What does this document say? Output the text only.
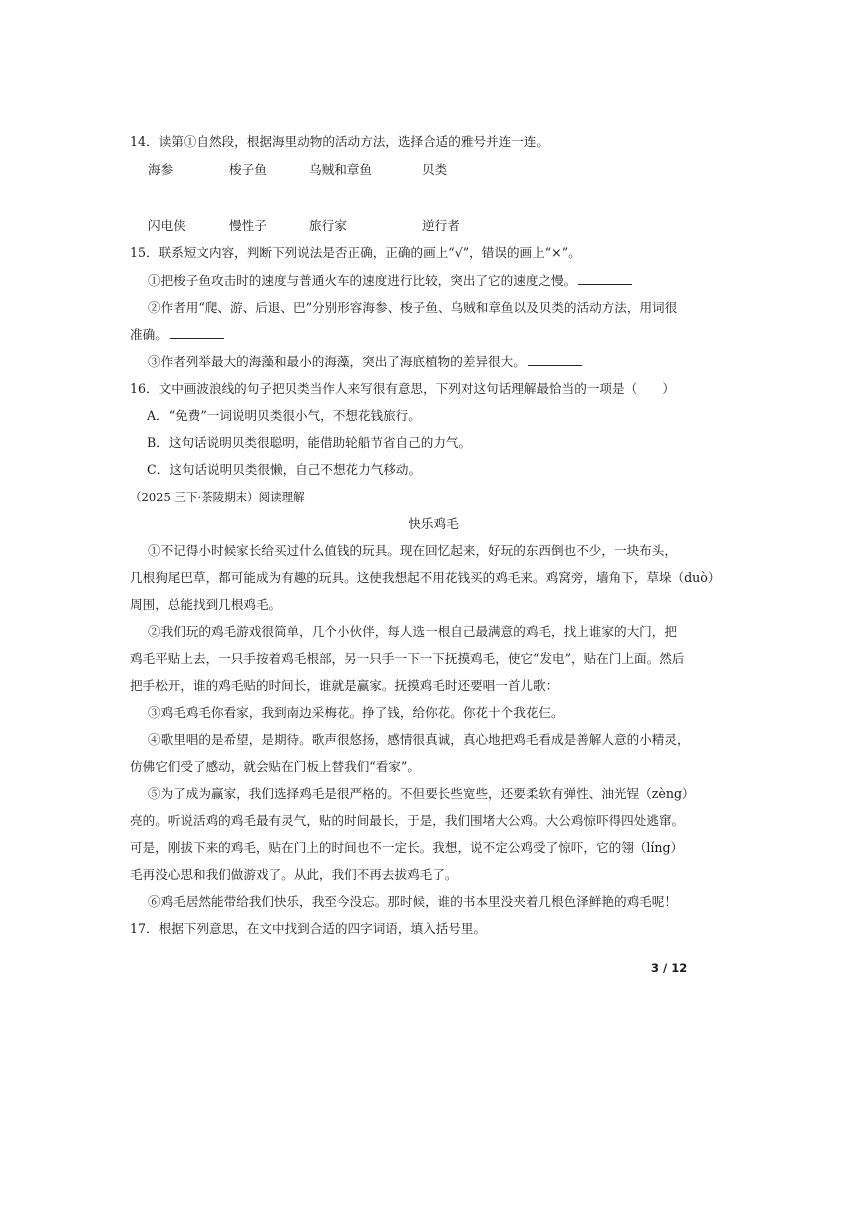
14．读第①自然段，根据海里动物的活动方法，选择合适的雅号并连一连。
海参	梭子鱼	乌贼和章鱼	贝类
闪电侠	慢性子	旅行家	逆行者
15．联系短文内容，判断下列说法是否正确，正确的画上“√”，错误的画上“×”。
①把梭子鱼攻击时的速度与普通火车的速度进行比较，突出了它的速度之慢。
②作者用“爬、游、后退、巴”分别形容海参、梭子鱼、乌贼和章鱼以及贝类的活动方法，用词很
准确。
③作者列举最大的海藻和最小的海藻，突出了海底植物的差异很大。
16．文中画波浪线的句子把贝类当作人来写很有意思，下列对这句话理解最恰当的一项是（　　）
A．“免费”一词说明贝类很小气，不想花钱旅行。
B．这句话说明贝类很聪明，能借助轮船节省自己的力气。
C．这句话说明贝类很懒，自己不想花力气移动。
（2025 三下·茶陵期末）阅读理解
快乐鸡毛
①不记得小时候家长给买过什么值钱的玩具。现在回忆起来，好玩的东西倒也不少，一块布头，
几根狗尾巴草，都可能成为有趣的玩具。这使我想起不用花钱买的鸡毛来。鸡窝旁，墙角下，草垛（duò）
周围，总能找到几根鸡毛。
②我们玩的鸡毛游戏很简单，几个小伙伴，每人选一根自己最满意的鸡毛，找上谁家的大门，把
鸡毛平贴上去，一只手按着鸡毛根部，另一只手一下一下抚摸鸡毛，使它“发电”，贴在门上面。然后
把手松开，谁的鸡毛贴的时间长，谁就是赢家。抚摸鸡毛时还要唱一首儿歌：
③鸡毛鸡毛你看家，我到南边采梅花。挣了钱，给你花。你花十个我花仨。
④歌里唱的是希望，是期待。歌声很悠扬，感情很真诚，真心地把鸡毛看成是善解人意的小精灵，
仿佛它们受了感动，就会贴在门板上替我们“看家”。
⑤为了成为赢家，我们选择鸡毛是很严格的。不但要长些宽些，还要柔软有弹性、油光锃（zèng）
亮的。听说活鸡的鸡毛最有灵气，贴的时间最长，于是，我们围堵大公鸡。大公鸡惊吓得四处逃窜。
可是，刚拔下来的鸡毛，贴在门上的时间也不一定长。我想，说不定公鸡受了惊吓，它的翎（líng）
毛再没心思和我们做游戏了。从此，我们不再去拔鸡毛了。
⑥鸡毛居然能带给我们快乐，我至今没忘。那时候，谁的书本里没夹着几根色泽鲜艳的鸡毛呢！
17．根据下列意思，在文中找到合适的四字词语，填入括号里。
3 / 12
